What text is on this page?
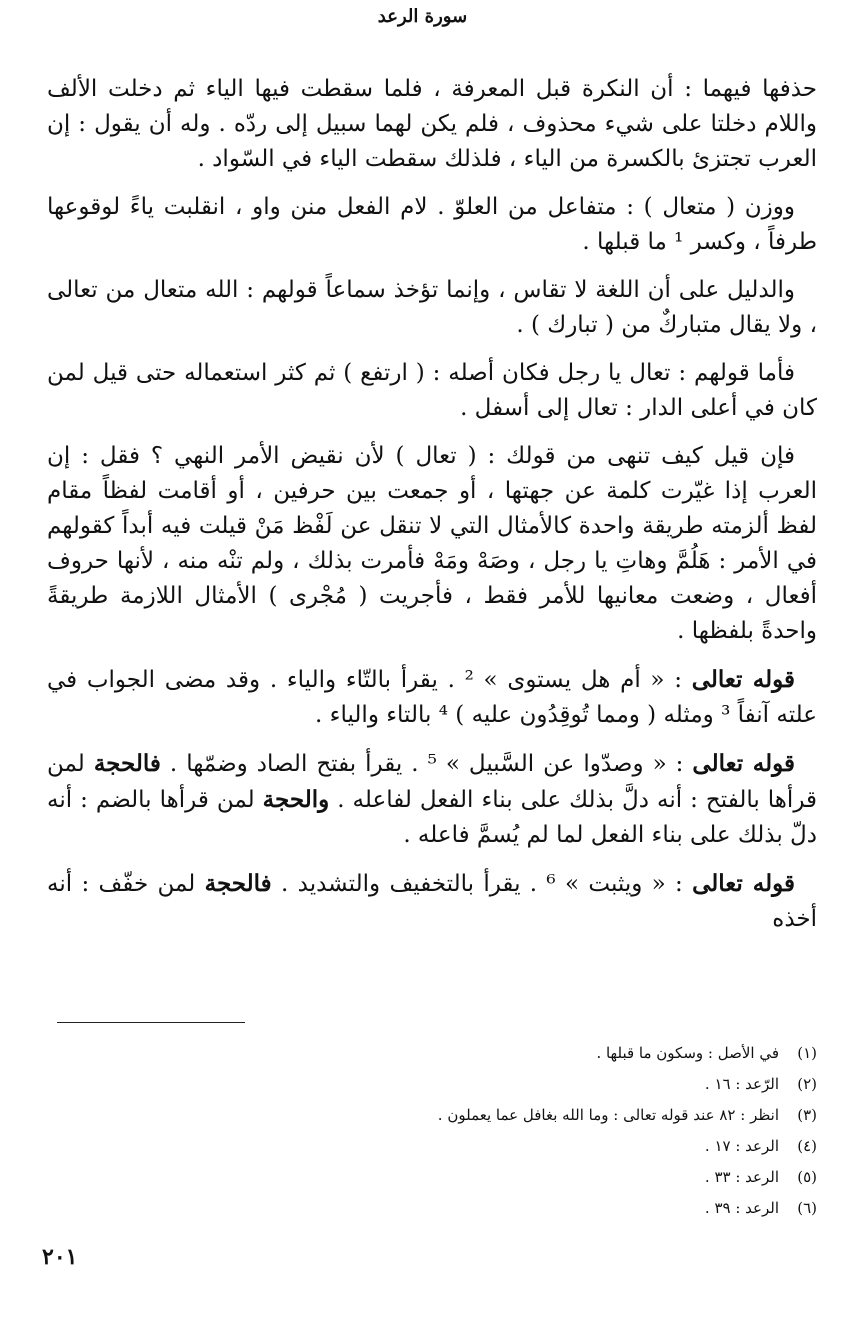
سورة الرعد

حذفها فيهما : أن النكرة قبل المعرفة ، فلما سقطت فيها الياء ثم دخلت الألف واللام دخلتا على شيء محذوف ، فلم يكن لهما سبيل إلى ردّه . وله أن يقول : إن العرب تجتزئ بالكسرة من الياء ، فلذلك سقطت الياء في السّواد .

ووزن ( متعال ) : متفاعل من العلوّ . لام الفعل منن واو ، انقلبت ياءً لوقوعها طرفاً ، وكسر ¹ ما قبلها .

والدليل على أن اللغة لا تقاس ، وإنما تؤخذ سماعاً قولهم : الله متعال من تعالى ، ولا يقال متباركٌ من ( تبارك ) .

فأما قولهم : تعال يا رجل فكان أصله : ( ارتفع ) ثم كثر استعماله حتى قيل لمن كان في أعلى الدار : تعال إلى أسفل .

فإن قيل كيف تنهى من قولك : ( تعال ) لأن نقيض الأمر النهي ؟ فقل : إن العرب إذا غيّرت كلمة عن جهتها ، أو جمعت بين حرفين ، أو أقامت لفظاً مقام لفظ ألزمته طريقة واحدة كالأمثال التي لا تنقل عن لَفْظ مَنْ قيلت فيه أبداً كقولهم في الأمر : هَلُمَّ وهاتِ يا رجل ، وصَهْ ومَهْ فأمرت بذلك ، ولم تنْه منه ، لأنها حروف أفعال ، وضعت معانيها للأمر فقط ، فأجريت ( مُجْرى ) الأمثال اللازمة طريقةً واحدةً بلفظها .

قوله تعالى : « أم هل يستوى » ² . يقرأ بالتّاء والياء . وقد مضى الجواب في علته آنفاً ³ ومثله ( ومما تُوقِدُون عليه ) ⁴ بالتاء والياء .

قوله تعالى : « وصدّوا عن السَّبيل » ⁵ . يقرأ بفتح الصاد وضمّها . فالحجة لمن قرأها بالفتح : أنه دلَّ بذلك على بناء الفعل لفاعله . والحجة لمن قرأها بالضم : أنه دلّ بذلك على بناء الفعل لما لم يُسمَّ فاعله .

قوله تعالى : « ويثبت » ⁶ . يقرأ بالتخفيف والتشديد . فالحجة لمن خفّف : أنه أخذه

(١)في الأصل : وسكون ما قبلها .
(٢)الرّعد : ١٦ .
(٣)انظر : ٨٢ عند قوله تعالى : وما الله بغافل عما يعملون .
(٤)الرعد : ١٧ .
(٥)الرعد : ٣٣ .
(٦)الرعد : ٣٩ .
٢٠١
